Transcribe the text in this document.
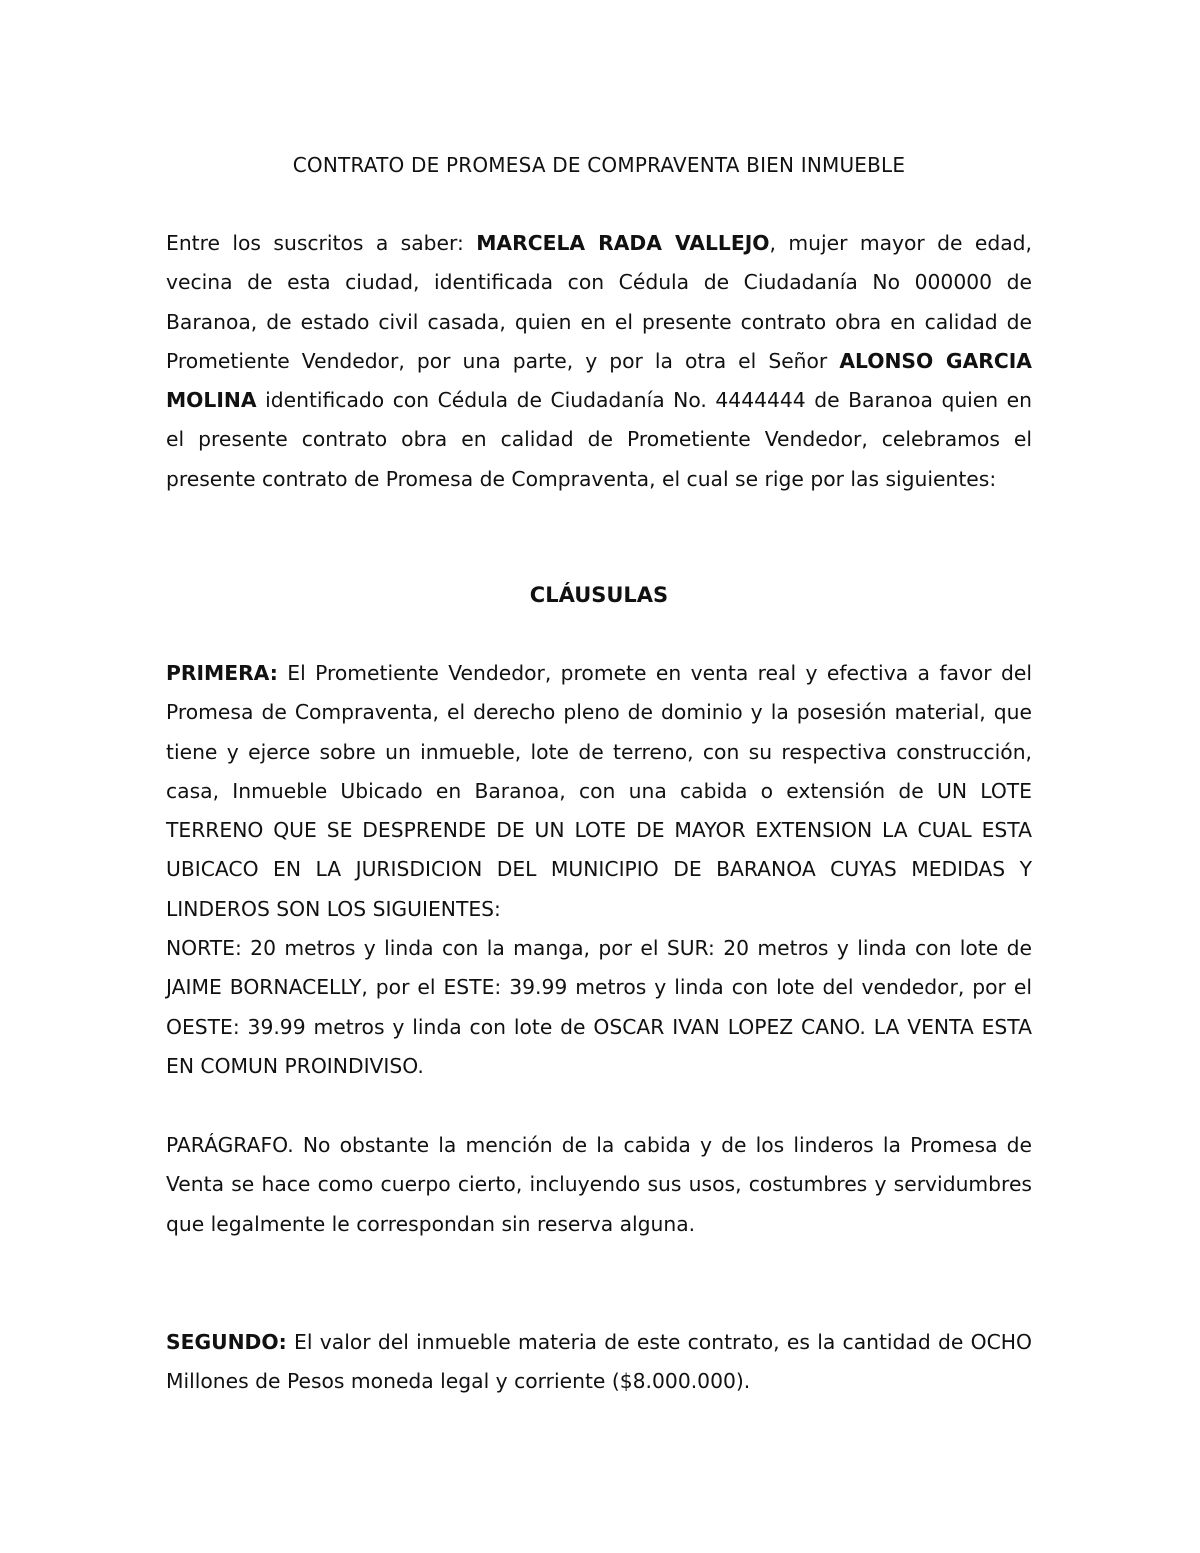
CONTRATO DE PROMESA DE COMPRAVENTA BIEN INMUEBLE

Entre los suscritos a saber: MARCELA RADA VALLEJO, mujer mayor de edad, vecina de esta ciudad, identificada con Cédula de Ciudadanía No 000000 de Baranoa, de estado civil casada, quien en el presente contrato obra en calidad de Prometiente Vendedor, por una parte, y por la otra el Señor ALONSO GARCIA MOLINA identificado con Cédula de Ciudadanía No. 4444444 de Baranoa quien en el presente contrato obra en calidad de Prometiente Vendedor, celebramos el presente contrato de Promesa de Compraventa, el cual se rige por las siguientes:

CLÁUSULAS

PRIMERA: El Prometiente Vendedor, promete en venta real y efectiva a favor del Promesa de Compraventa, el derecho pleno de dominio y la posesión material, que tiene y ejerce sobre un inmueble, lote de terreno, con su respectiva construcción, casa, Inmueble Ubicado en Baranoa, con una cabida o extensión de UN LOTE TERRENO QUE SE DESPRENDE DE UN LOTE DE MAYOR EXTENSION LA CUAL ESTA UBICACO EN LA JURISDICION DEL MUNICIPIO DE BARANOA CUYAS MEDIDAS Y LINDEROS SON LOS SIGUIENTES:

NORTE: 20 metros y linda con la manga, por el SUR: 20 metros y linda con lote de JAIME BORNACELLY, por el ESTE: 39.99 metros y linda con lote del vendedor, por el OESTE: 39.99 metros y linda con lote de OSCAR IVAN LOPEZ CANO. LA VENTA ESTA EN COMUN PROINDIVISO.

PARÁGRAFO. No obstante la mención de la cabida y de los linderos la Promesa de Venta se hace como cuerpo cierto, incluyendo sus usos, costumbres y servidumbres que legalmente le correspondan sin reserva alguna.

SEGUNDO: El valor del inmueble materia de este contrato, es la cantidad de OCHO Millones de Pesos moneda legal y corriente ($8.000.000).
